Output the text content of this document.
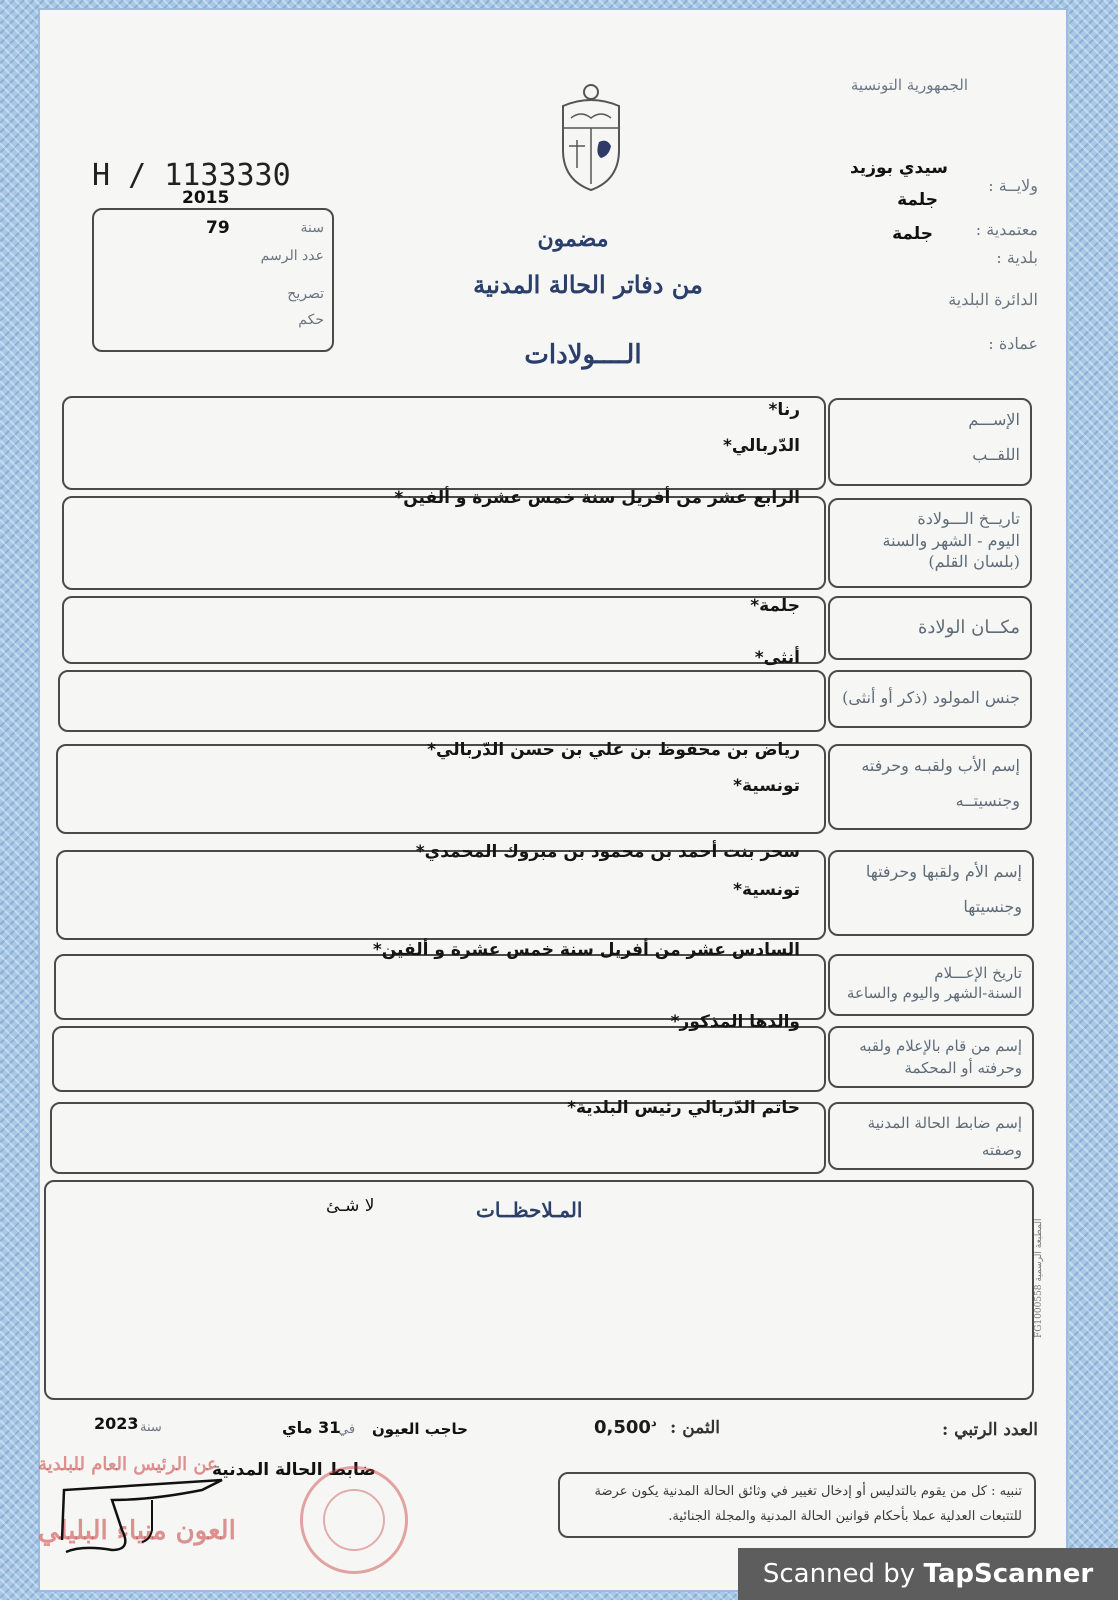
الجمهورية التونسية
ولايــة :
سيدي بوزيد
معتمدية :
جلمة
بلدية :
جلمة
الدائرة البلدية
عمادة :
H / 1133330
2015
سنة
79
عدد الرسم
تصريح
حكم
مضمون
من دفاتر الحالة المدنية
الــــولادات
الإســـم
اللقــب
رنا*
الدّربالي*
تاريــخ الـــولادة
اليوم - الشهر والسنة
(بلسان القلم)
الرابع عشر من أفريل سنة خمس عشرة و ألفين*
مكــان الولادة
جلمة*
جنس المولود (ذكر أو أنثى)
أنثى*
إسم الأب ولقبـه وحرفته
وجنسيتــه
رياض بن محفوظ بن علي بن حسن الدّربالي*
تونسية*
إسم الأم ولقبها وحرفتها
وجنسيتها
سحر بنت أحمد بن محمود بن مبروك المحمدي*
تونسية*
تاريخ الإعـــلام
السنة-الشهر واليوم والساعة
السادس عشر من أفريل سنة خمس عشرة و ألفين*
إسم من قام بالإعلام ولقبه
وحرفته أو المحكمة
والدها المذكور*
إسم ضابط الحالة المدنية
وصفته
حاتم الدّربالي رئيس البلدية*
المـلاحظــات
لا شـئ
المطبعة الرسمية FG1000558
العدد الرتبي :
الثمن :
$^د$0,500
حاجب العيون
في
31 ماي
سنة
2023
ضابط الحالة المدنية
تنبيه : كل من يقوم بالتدليس أو إدخال تغيير في وثائق الحالة المدنية يكون عرضة للتتبعات العدلية عملا بأحكام قوانين الحالة المدنية والمجلة الجنائية.
عن الرئيس العام للبلدية
العون منياء البليلي
Scanned by TapScanner
